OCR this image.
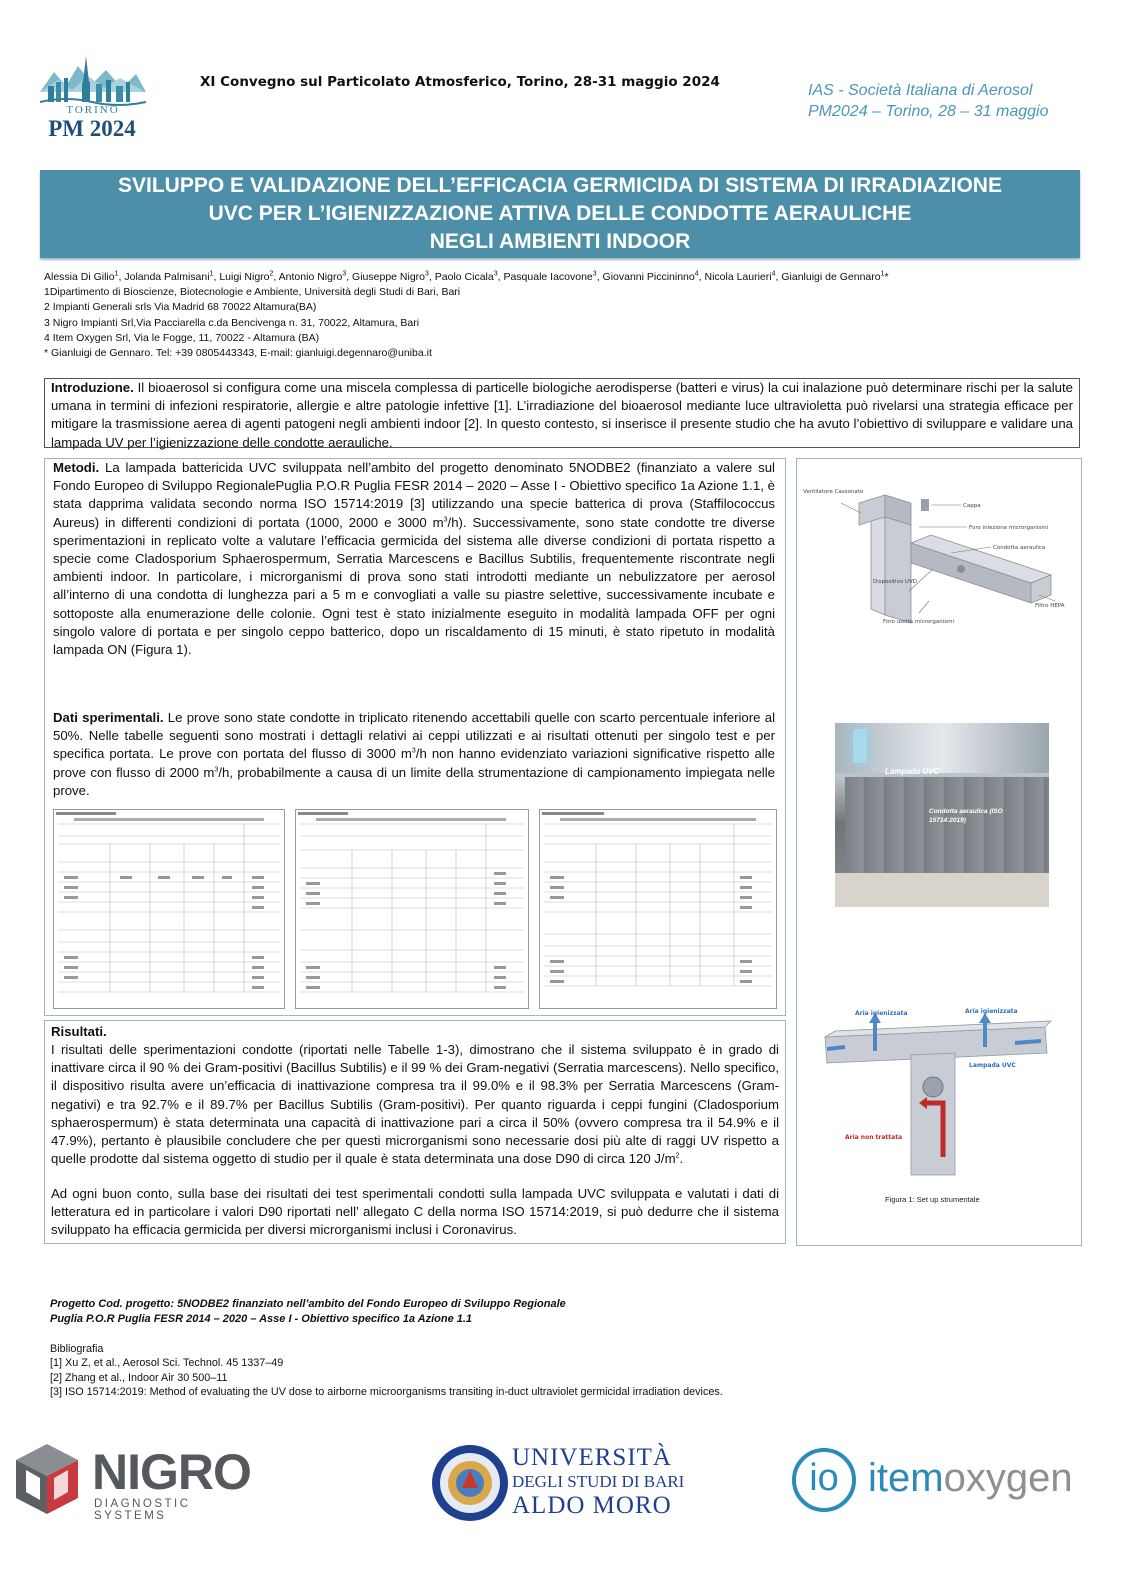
TORINO
PM 2024
XI Convegno sul Particolato Atmosferico, Torino, 28-31 maggio 2024	IAS - Società Italiana di Aerosol
PM2024 – Torino, 28 – 31 maggio
SVILUPPO E VALIDAZIONE DELL’EFFICACIA GERMICIDA DI SISTEMA DI IRRADIAZIONE
UVC PER L’IGIENIZZAZIONE ATTIVA DELLE CONDOTTE AERAULICHE
NEGLI AMBIENTI INDOOR
Alessia Di Gilio$^1$, Jolanda Palmisani$^1$, Luigi Nigro$^2$, Antonio Nigro$^3$, Giuseppe Nigro$^3$, Paolo Cicala$^3$, Pasquale Iacovone$^3$, Giovanni Piccininno$^4$, Nicola Laurieri$^4$, Gianluigi de Gennaro$^1$*
1Dipartimento di Bioscienze, Biotecnologie e Ambiente, Università degli Studi di Bari, Bari
2 Impianti Generali srls Via Madrid 68 70022 Altamura(BA)
3 Nigro Impianti Srl,Via Pacciarella c.da Bencivenga n. 31, 70022, Altamura, Bari
4 Item Oxygen Srl, Via le Fogge, 11, 70022 - Altamura (BA)
* Gianluigi de Gennaro. Tel: +39 0805443343, E-mail: gianluigi.degennaro@uniba.it
Introduzione. Il bioaerosol si configura come una miscela complessa di particelle biologiche aerodisperse (batteri e virus) la cui inalazione può determinare rischi per la salute umana in termini di infezioni respiratorie, allergie e altre patologie infettive [1]. L’irradiazione del bioaerosol mediante luce ultravioletta può rivelarsi una strategia efficace per mitigare la trasmissione aerea di agenti patogeni negli ambienti indoor [2]. In questo contesto, si inserisce il presente studio che ha avuto l’obiettivo di sviluppare e validare una lampada UV per l’igienizzazione delle condotte aerauliche.
Metodi. La lampada battericida UVC sviluppata nell’ambito del progetto denominato 5NODBE2 (finanziato a valere sul Fondo Europeo di Sviluppo RegionalePuglia P.O.R Puglia FESR 2014 – 2020 – Asse I - Obiettivo specifico 1a Azione 1.1, è stata dapprima validata secondo norma ISO 15714:2019 [3] utilizzando una specie batterica di prova (Staffilococcus Aureus) in differenti condizioni di portata (1000, 2000 e 3000 $m^3/h$). Successivamente, sono state condotte tre diverse sperimentazioni in replicato volte a valutare l’efficacia germicida del sistema alle diverse condizioni di portata rispetto a specie come Cladosporium Sphaerospermum, Serratia Marcescens e Bacillus Subtilis, frequentemente riscontrate negli ambienti indoor. In particolare, i microrganismi di prova sono stati introdotti mediante un nebulizzatore per aerosol all’interno di una condotta di lunghezza pari a 5 m e convogliati a valle su piastre selettive, successivamente incubate e sottoposte alla enumerazione delle colonie. Ogni test è stato inizialmente eseguito in modalità lampada OFF per ogni singolo valore di portata e per singolo ceppo batterico, dopo un riscaldamento di 15 minuti, è stato ripetuto in modalità lampada ON (Figura 1).
Dati sperimentali. Le prove sono state condotte in triplicato ritenendo accettabili quelle con scarto percentuale inferiore al 50%. Nelle tabelle seguenti sono mostrati i dettagli relativi ai ceppi utilizzati e ai risultati ottenuti per singolo test e per specifica portata. Le prove con portata del flusso di 3000 $m^3/h$ non hanno evidenziato variazioni significative rispetto alle prove con flusso di 2000 $m^3/h$, probabilmente a causa di un limite della strumentazione di campionamento impiegata nelle prove.
Ventilatore Cassonato
Cappa
Foro iniezione microrganismi
Condotta aeraulica
Dispositivo UVD
Filtro HEPA
Foro uscita microrganismi
Lampada UVC
Condotta aeraulica (ISO 15714:2019)
Aria igienizzata	Aria igienizzata
Lampada UVC
Aria non trattata
Figura 1: Set up strumentale
Risultati.
I risultati delle sperimentazioni condotte (riportati nelle Tabelle 1-3), dimostrano che il sistema sviluppato è in grado di inattivare circa il 90 % dei Gram-positivi (Bacillus Subtilis) e il 99 % dei Gram-negativi (Serratia marcescens). Nello specifico, il dispositivo risulta avere un’efficacia di inattivazione compresa tra il 99.0% e il 98.3% per Serratia Marcescens (Gram-negativi) e tra 92.7% e il 89.7% per Bacillus Subtilis (Gram-positivi). Per quanto riguarda i ceppi fungini (Cladosporium sphaerospermum) è stata determinata una capacità di inattivazione pari a circa il 50% (ovvero compresa tra il 54.9% e il 47.9%), pertanto è plausibile concludere che per questi microrganismi sono necessarie dosi più alte di raggi UV rispetto a quelle prodotte dal sistema oggetto di studio per il quale è stata determinata una dose D90 di circa 120 $J/m^2$.
Ad ogni buon conto, sulla base dei risultati dei test sperimentali condotti sulla lampada UVC sviluppata e valutati i dati di letteratura ed in particolare i valori D90 riportati nell’ allegato C della norma ISO 15714:2019, si può dedurre che il sistema sviluppato ha efficacia germicida per diversi microrganismi inclusi i Coronavirus.
Progetto Cod. progetto: 5NODBE2 finanziato nell’ambito del Fondo Europeo di Sviluppo Regionale
Puglia P.O.R Puglia FESR 2014 – 2020 – Asse I - Obiettivo specifico 1a Azione 1.1
Bibliografia
[1] Xu Z, et al., Aerosol Sci. Technol. 45 1337–49
[2] Zhang et al., Indoor Air 30 500–11
[3] ISO 15714:2019: Method of evaluating the UV dose to airborne microorganisms transiting in-duct ultraviolet germicidal irradiation devices.
NIGRO
DIAGNOSTIC SYSTEMS
UNIVERSITÀ
DEGLI STUDI DI BARI
ALDO MORO
io itemoxygen
